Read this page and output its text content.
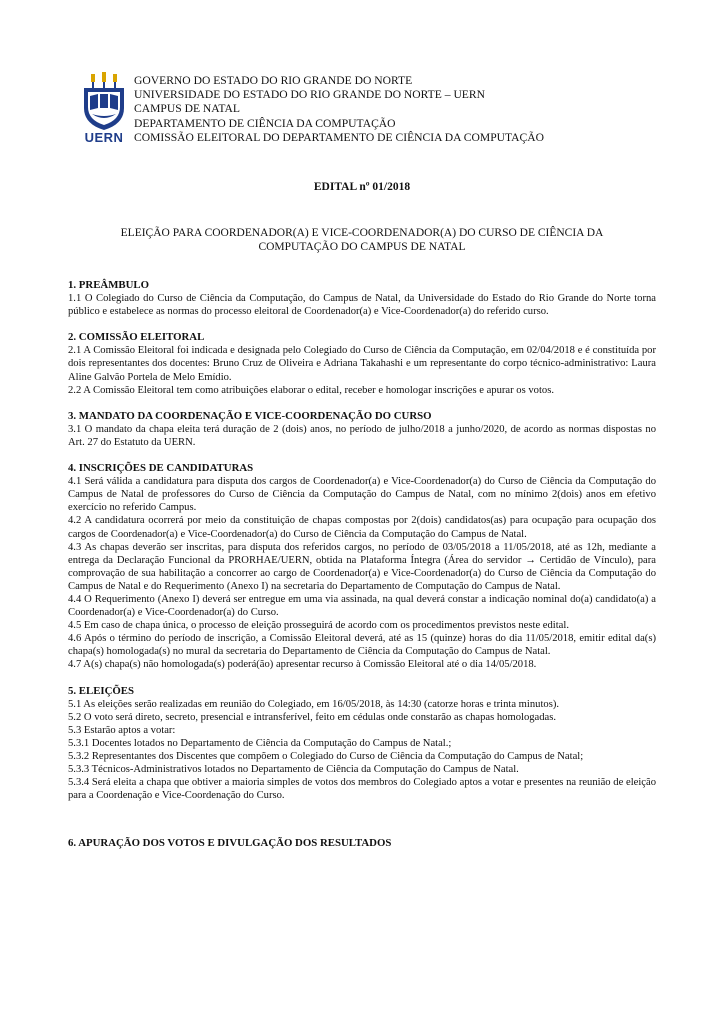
UERN
GOVERNO DO ESTADO DO RIO GRANDE DO NORTE
UNIVERSIDADE DO ESTADO DO RIO GRANDE DO NORTE – UERN
CAMPUS DE NATAL
DEPARTAMENTO DE CIÊNCIA DA COMPUTAÇÃO
COMISSÃO ELEITORAL DO DEPARTAMENTO DE CIÊNCIA DA COMPUTAÇÃO
EDITAL nº 01/2018
ELEIÇÃO PARA COORDENADOR(A) E VICE-COORDENADOR(A) DO CURSO DE CIÊNCIA DA COMPUTAÇÃO DO CAMPUS DE NATAL
1. PREÂMBULO

1.1 O Colegiado do Curso de Ciência da Computação, do Campus de Natal, da Universidade do Estado do Rio Grande do Norte torna público e estabelece as normas do processo eleitoral de Coordenador(a) e Vice-Coordenador(a) do referido curso.

2. COMISSÃO ELEITORAL

2.1 A Comissão Eleitoral foi indicada e designada pelo Colegiado do Curso de Ciência da Computação, em 02/04/2018 e é constituída por dois representantes dos docentes: Bruno Cruz de Oliveira e Adriana Takahashi e um representante do corpo técnico-administrativo: Laura Aline Galvão Portela de Melo Emídio.

2.2 A Comissão Eleitoral tem como atribuições elaborar o edital, receber e homologar inscrições e apurar os votos.

3. MANDATO DA COORDENAÇÃO E VICE-COORDENAÇÃO DO CURSO

3.1 O mandato da chapa eleita terá duração de 2 (dois) anos, no período de julho/2018 a junho/2020, de acordo as normas dispostas no Art. 27 do Estatuto da UERN.

4. INSCRIÇÕES DE CANDIDATURAS

4.1 Será válida a candidatura para disputa dos cargos de Coordenador(a) e Vice-Coordenador(a) do Curso de Ciência da Computação do Campus de Natal de professores do Curso de Ciência da Computação do Campus de Natal, com no mínimo 2(dois) anos em efetivo exercício no referido Campus.

4.2 A candidatura ocorrerá por meio da constituição de chapas compostas por 2(dois) candidatos(as) para ocupação para ocupação dos cargos de Coordenador(a) e Vice-Coordenador(a) do Curso de Ciência da Computação do Campus de Natal.

4.3 As chapas deverão ser inscritas, para disputa dos referidos cargos, no período de 03/05/2018 a 11/05/2018, até as 12h, mediante a entrega da Declaração Funcional da PRORHAE/UERN, obtida na Plataforma Íntegra (Área do servidor → Certidão de Vínculo), para comprovação de sua habilitação a concorrer ao cargo de Coordenador(a) e Vice-Coordenador(a) do Curso de Ciência da Computação do Campus de Natal e do Requerimento (Anexo I) na secretaria do Departamento de Computação do Campus de Natal.

4.4 O Requerimento (Anexo I) deverá ser entregue em uma via assinada, na qual deverá constar a indicação nominal do(a) candidato(a) a Coordenador(a) e Vice-Coordenador(a) do Curso.

4.5 Em caso de chapa única, o processo de eleição prosseguirá de acordo com os procedimentos previstos neste edital.

4.6 Após o término do período de inscrição, a Comissão Eleitoral deverá, até as 15 (quinze) horas do dia 11/05/2018, emitir edital da(s) chapa(s) homologada(s) no mural da secretaria do Departamento de Ciência da Computação do Campus de Natal.

4.7 A(s) chapa(s) não homologada(s) poderá(ão) apresentar recurso à Comissão Eleitoral até o dia 14/05/2018.

5. ELEIÇÕES

5.1 As eleições serão realizadas em reunião do Colegiado, em 16/05/2018, às 14:30 (catorze horas e trinta minutos).

5.2 O voto será direto, secreto, presencial e intransferível, feito em cédulas onde constarão as chapas homologadas.

5.3 Estarão aptos a votar:

5.3.1 Docentes lotados no Departamento de Ciência da Computação do Campus de Natal.;

5.3.2 Representantes dos Discentes que compõem o Colegiado do Curso de Ciência da Computação do Campus de Natal;

5.3.3 Técnicos-Administrativos lotados no Departamento de Ciência da Computação do Campus de Natal.

5.3.4 Será eleita a chapa que obtiver a maioria simples de votos dos membros do Colegiado aptos a votar e presentes na reunião de eleição para a Coordenação e Vice-Coordenação do Curso.

6. APURAÇÃO DOS VOTOS E DIVULGAÇÃO DOS RESULTADOS
